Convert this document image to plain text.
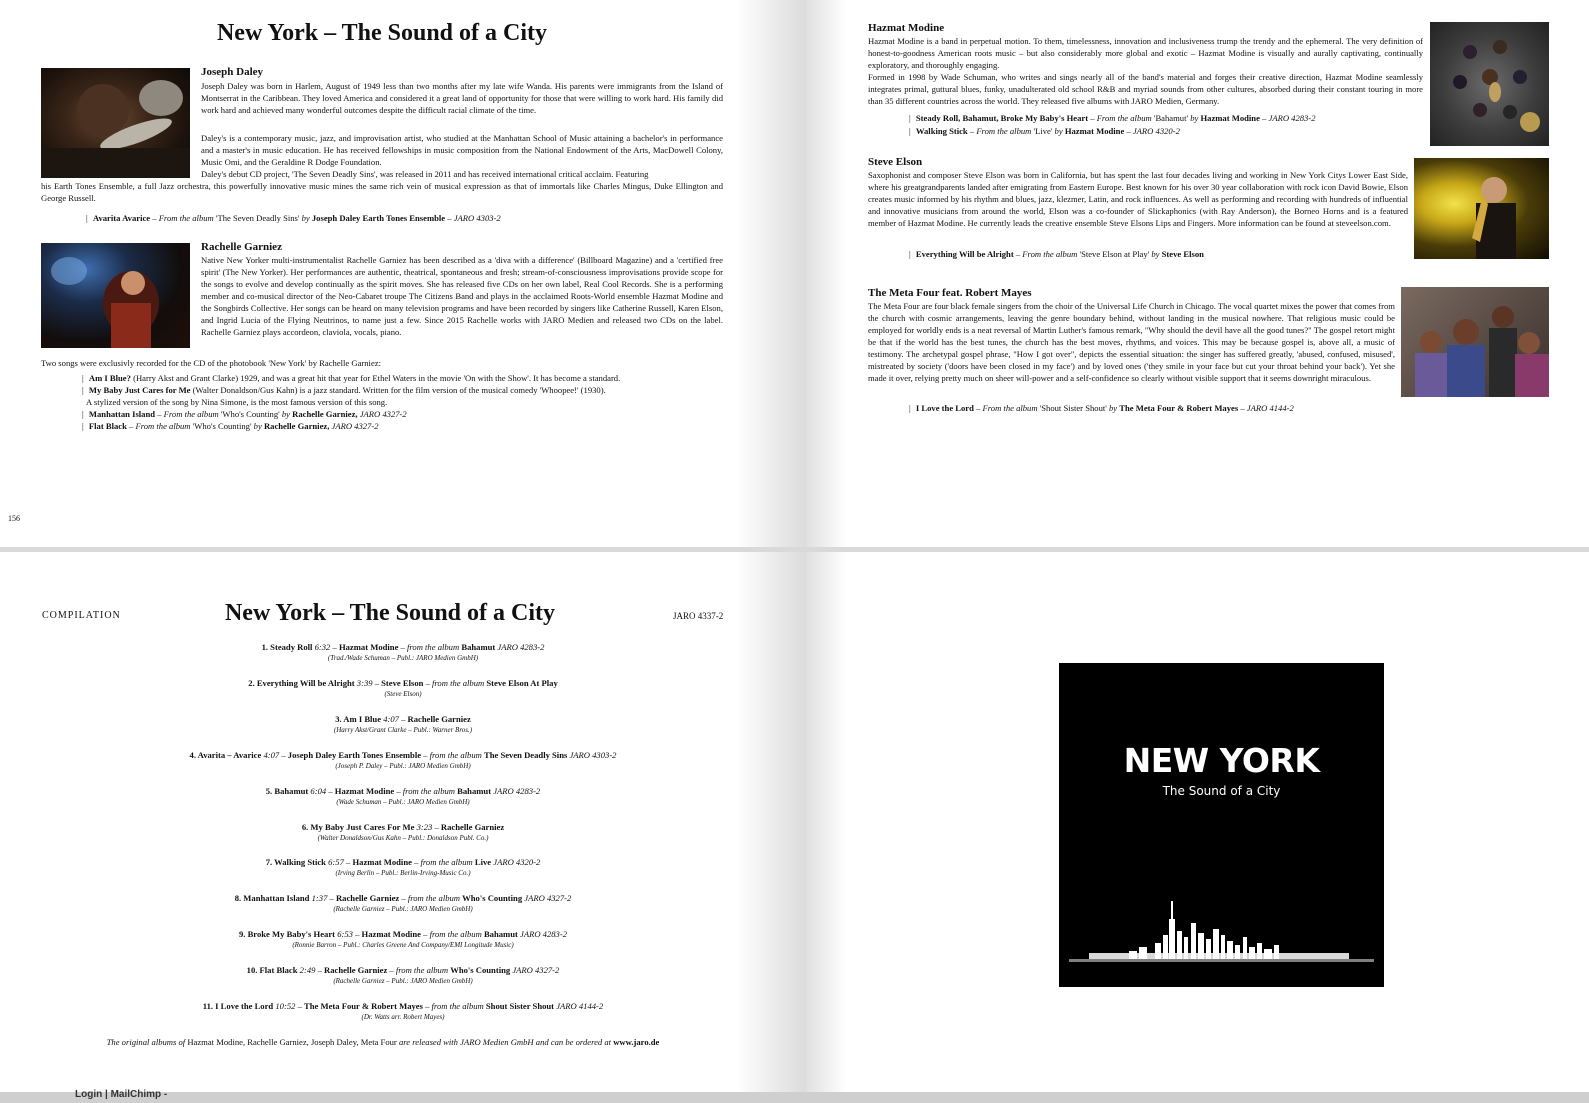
New York – The Sound of a City
Joseph Daley
Joseph Daley was born in Harlem, August of 1949 less than two months after my late wife Wanda. His parents were immigrants from the Island of Montserrat in the Caribbean. They loved America and considered it a great land of opportunity for those that were willing to work hard. His family did work hard and achieved many wonderful outcomes despite the difficult racial climate of the time.
Daley's is a contemporary music, jazz, and improvisation artist, who studied at the Manhattan School of Music attaining a bachelor's in performance and a master's in music education. He has received fellowships in music composition from the National Endowment of the Arts, MacDowell Colony, Music Omi, and the Geraldine R Dodge Foundation.
Daley's debut CD project, 'The Seven Deadly Sins', was released in 2011 and has received international critical acclaim. Featuring
his Earth Tones Ensemble, a full Jazz orchestra, this powerfully innovative music mines the same rich vein of musical expression as that of immortals like Charles Mingus, Duke Ellington and George Russell.
| Avarita Avarice – From the album 'The Seven Deadly Sins' by Joseph Daley Earth Tones Ensemble – JARO 4303-2
Rachelle Garniez
Native New Yorker multi-instrumentalist Rachelle Garniez has been described as a 'diva with a difference' (Billboard Magazine) and a 'certified free spirit' (The New Yorker). Her performances are authentic, theatrical, spontaneous and fresh; stream-of-consciousness improvisations provide scope for the songs to evolve and develop continually as the spirit moves. She has released five CDs on her own label, Real Cool Records. She is a performing member and co-musical director of the Neo-Cabaret troupe The Citizens Band and plays in the acclaimed Roots-World ensemble Hazmat Modine and the Songbirds Collective. Her songs can be heard on many television programs and have been recorded by singers like Catherine Russell, Karen Elson, and Ingrid Lucia of the Flying Neutrinos, to name just a few. Since 2015 Rachelle works with JARO Medien and released two CDs on the label. Rachelle Garniez plays accordeon, claviola, vocals, piano.
Two songs were exclusivly recorded for the CD of the photobook 'New York' by Rachelle Garniez:
| Am I Blue? (Harry Akst and Grant Clarke) 1929, and was a great hit that year for Ethel Waters in the movie 'On with the Show'. It has become a standard.
| My Baby Just Cares for Me (Walter Donaldson/Gus Kahn) is a jazz standard. Written for the film version of the musical comedy 'Whoopee!' (1930).
A stylized version of the song by Nina Simone, is the most famous version of this song.
| Manhattan Island – From the album 'Who's Counting' by Rachelle Garniez, JARO 4327-2
| Flat Black – From the album 'Who's Counting' by Rachelle Garniez, JARO 4327-2
156
Hazmat Modine
Hazmat Modine is a band in perpetual motion. To them, timelessness, innovation and inclusiveness trump the trendy and the ephemeral. The very definition of honest-to-goodness American roots music – but also considerably more global and exotic – Hazmat Modine is visually and aurally captivating, continually exploratory, and thoroughly engaging.
Formed in 1998 by Wade Schuman, who writes and sings nearly all of the band's material and forges their creative direction, Hazmat Modine seamlessly integrates primal, guttural blues, funky, unadulterated old school R&B and myriad sounds from other cultures, absorbed during their constant touring in more than 35 different countries across the world. They released five albums with JARO Medien, Germany.
| Steady Roll, Bahamut, Broke My Baby's Heart – From the album 'Bahamut' by Hazmat Modine – JARO 4283-2
| Walking Stick – From the album 'Live' by Hazmat Modine – JARO 4320-2
Steve Elson
Saxophonist and composer Steve Elson was born in California, but has spent the last four decades living and working in New York Citys Lower East Side, where his greatgrandparents landed after emigrating from Eastern Europe. Best known for his over 30 year collaboration with rock icon David Bowie, Elson creates music informed by his rhythm and blues, jazz, klezmer, Latin, and rock influences. As well as performing and recording with hundreds of influential and innovative musicians from around the world, Elson was a co-founder of Slickaphonics (with Ray Anderson), the Borneo Horns and is a featured member of Hazmat Modine. He currently leads the creative ensemble Steve Elsons Lips and Fingers. More information can be found at steveelson.com.
| Everything Will be Alright – From the album 'Steve Elson at Play' by Steve Elson
The Meta Four feat. Robert Mayes
The Meta Four are four black female singers from the choir of the Universal Life Church in Chicago. The vocal quartet mixes the power that comes from the church with cosmic arrangements, leaving the genre boundary behind, without landing in the musical nowhere. That religious music could be employed for worldly ends is a neat reversal of Martin Luther's famous remark, "Why should the devil have all the good tunes?" The gospel retort might be that if the world has the best tunes, the church has the best moves, rhythms, and voices. This may be because gospel is, above all, a music of testimony. The archetypal gospel phrase, "How I got over", depicts the essential situation: the singer has suffered greatly, 'abused, confused, misused', mistreated by society ('doors have been closed in my face') and by loved ones ('they smile in your face but cut your throat behind your back'). Yet she made it over, relying pretty much on sheer will-power and a self-confidence so clearly without visible support that it seems downright miraculous.
| I Love the Lord – From the album 'Shout Sister Shout' by The Meta Four & Robert Mayes – JARO 4144-2
COMPILATION	New York – The Sound of a City	JARO 4337-2
1. Steady Roll 6:32 – Hazmat Modine – from the album Bahamut JARO 4283-2
(Trad./Wade Schuman – Publ.: JARO Medien GmbH)
2. Everything Will be Alright 3:39 – Steve Elson – from the album Steve Elson At Play
(Steve Elson)
3. Am I Blue 4:07 – Rachelle Garniez
(Harry Akst/Grant Clarke – Publ.: Warner Bros.)
4. Avarita – Avarice 4:07 – Joseph Daley Earth Tones Ensemble – from the album The Seven Deadly Sins JARO 4303-2
(Joseph P. Daley – Publ.: JARO Medien GmbH)
5. Bahamut 6:04 – Hazmat Modine – from the album Bahamut JARO 4283-2
(Wade Schuman – Publ.: JARO Medien GmbH)
6. My Baby Just Cares For Me 3:23 – Rachelle Garniez
(Walter Donaldson/Gus Kahn – Publ.: Donaldson Publ. Co.)
7. Walking Stick 6:57 – Hazmat Modine – from the album Live JARO 4320-2
(Irving Berlin – Publ.: Berlin-Irving-Music Co.)
8. Manhattan Island 1:37 – Rachelle Garniez – from the album Who's Counting JARO 4327-2
(Rachelle Garniez – Publ.: JARO Medien GmbH)
9. Broke My Baby's Heart 6:53 – Hazmat Modine – from the album Bahamut JARO 4283-2
(Ronnie Barron – Publ.: Charles Greene And Company/EMI Longitude Music)
10. Flat Black 2:49 – Rachelle Garniez – from the album Who's Counting JARO 4327-2
(Rachelle Garniez – Publ.: JARO Medien GmbH)
11. I Love the Lord 10:52 – The Meta Four & Robert Mayes – from the album Shout Sister Shout JARO 4144-2
(Dr. Watts arr. Robert Mayes)
The original albums of Hazmat Modine, Rachelle Garniez, Joseph Daley, Meta Four are released with JARO Medien GmbH and can be ordered at www.jaro.de
NEW YORK
The Sound of a City
Login | MailChimp -
